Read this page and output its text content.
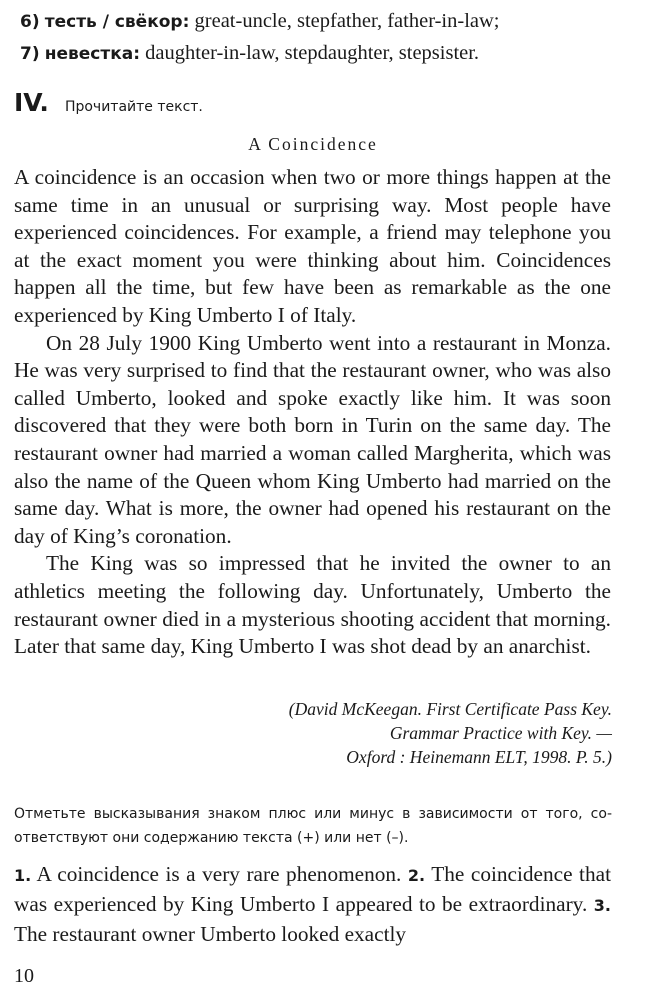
6) тесть / свёкор: great-uncle, stepfather, father-in-law;
7) невестка: daughter-in-law, stepdaughter, stepsister.
IV. Прочитайте текст.
A Coincidence

A coincidence is an occasion when two or more things happen at the same time in an unusual or surprising way. Most people have experienced coincidences. For example, a friend may telephone you at the exact moment you were thinking about him. Coincidences happen all the time, but few have been as remarkable as the one experienced by King Umberto I of Italy.

On 28 July 1900 King Umberto went into a restaurant in Monza. He was very surprised to find that the restaurant owner, who was also called Umberto, looked and spoke exactly like him. It was soon discovered that they were both born in Turin on the same day. The restaurant owner had married a woman called Margherita, which was also the name of the Queen whom King Umberto had married on the same day. What is more, the owner had opened his restaurant on the day of King’s coronation.

The King was so impressed that he invited the owner to an athletics meeting the following day. Unfortunately, Umberto the restaurant owner died in a mysterious shooting accident that morning. Later that same day, King Umberto I was shot dead by an anarchist.

(David McKeegan. First Certificate Pass Key.
Grammar Practice with Key. —
Oxford : Heinemann ELT, 1998. P. 5.)
Отметьте высказывания знаком плюс или минус в зависимости от того, соответствуют они содержанию текста (+) или нет (–).
1. A coincidence is a very rare phenomenon. 2. The coincidence that was experienced by King Umberto I appeared to be extraordinary. 3. The restaurant owner Umberto looked exactly
10
